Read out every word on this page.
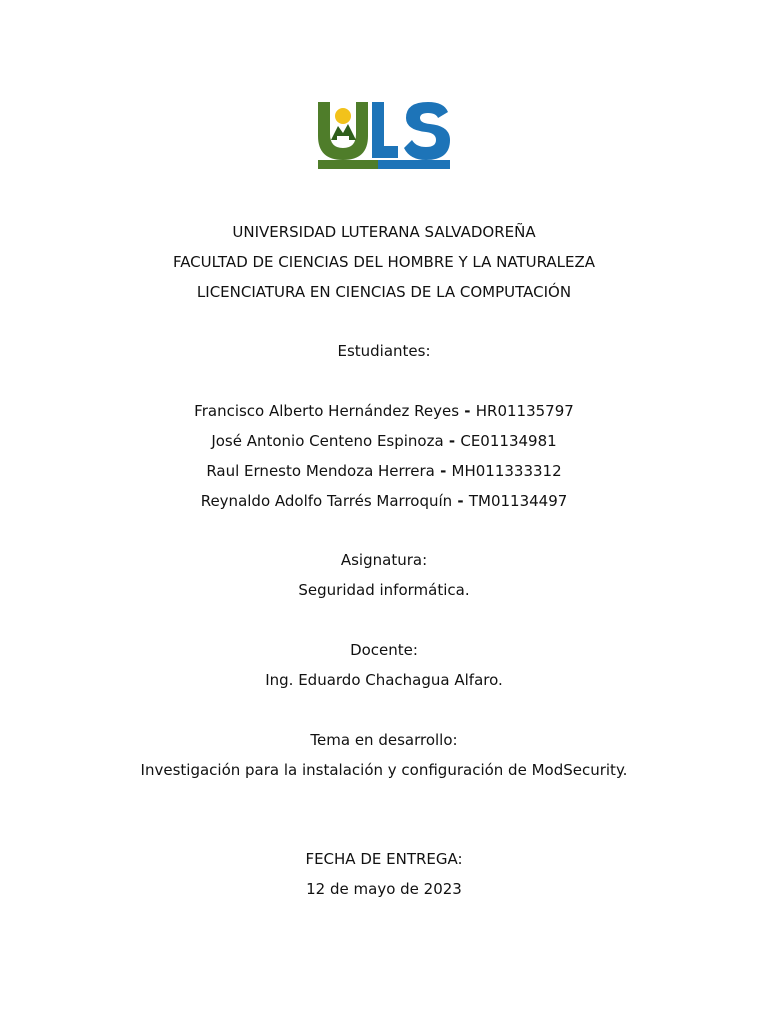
UNIVERSIDAD LUTERANA SALVADOREÑA
FACULTAD DE CIENCIAS DEL HOMBRE Y LA NATURALEZA
LICENCIATURA EN CIENCIAS DE LA COMPUTACIÓN
Estudiantes:
Francisco Alberto Hernández Reyes - HR01135797
José Antonio Centeno Espinoza - CE01134981
Raul Ernesto Mendoza Herrera - MH011333312
Reynaldo Adolfo Tarrés Marroquín - TM01134497
Asignatura:
Seguridad informática.
Docente:
Ing. Eduardo Chachagua Alfaro.
Tema en desarrollo:
Investigación para la instalación y configuración de ModSecurity.
FECHA DE ENTREGA:
12 de mayo de 2023
